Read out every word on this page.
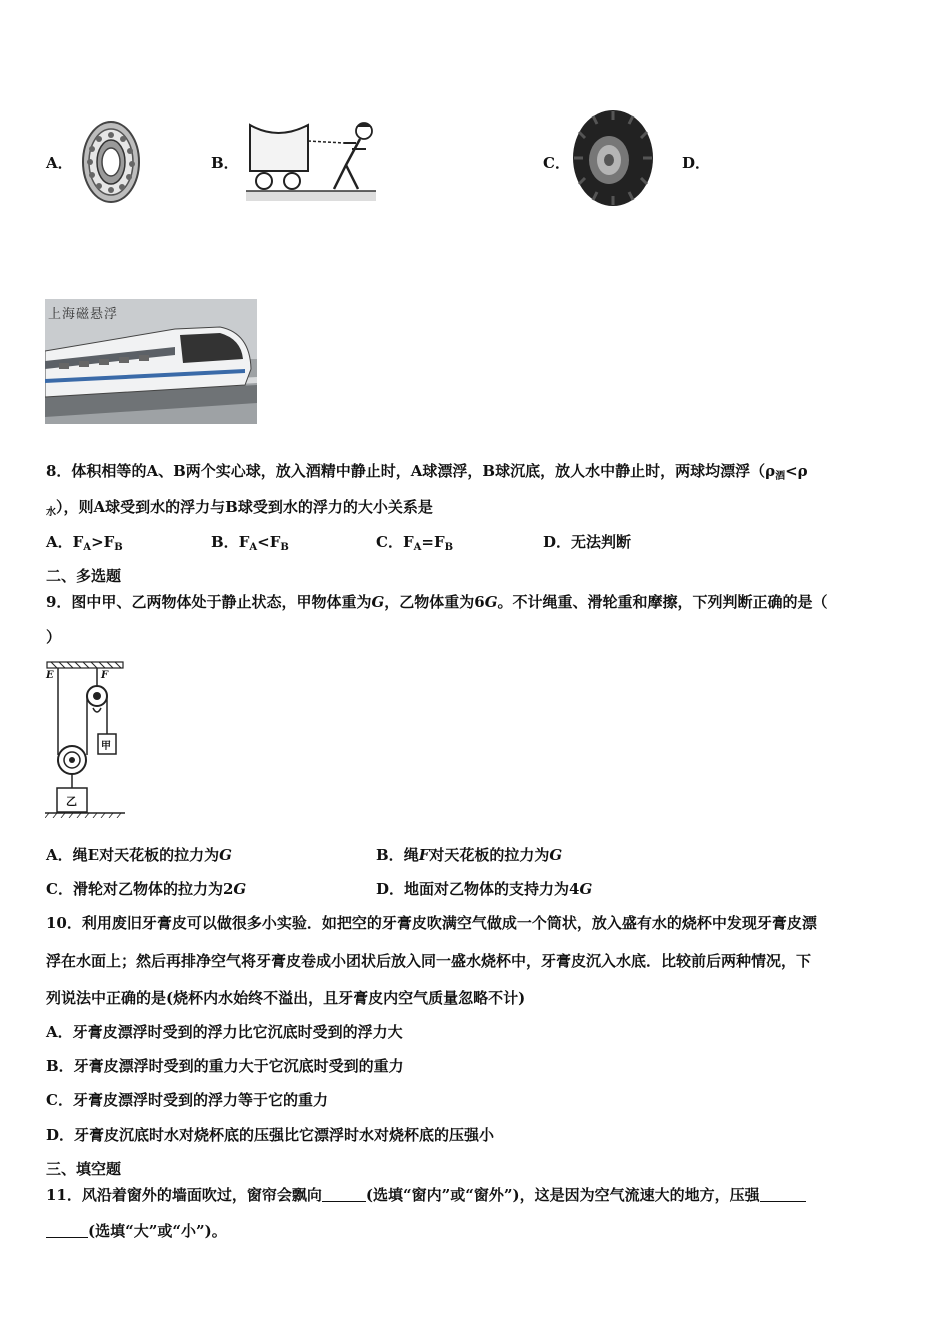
A．	B．	C．	D．
上海磁悬浮
8．体积相等的A、B两个实心球，放入酒精中静止时，A球漂浮，B球沉底，放人水中静止时，两球均漂浮（$\rho_酒<\rho$
$_水$），则A球受到水的浮力与B球受到水的浮力的大小关系是
A．$F_A>F_B$	B．$F_A<F_B$	C．$F_A=F_B$	D．无法判断
二、多选题
9．图中甲、乙两物体处于静止状态，甲物体重为G，乙物体重为6G。不计绳重、滑轮重和摩擦，下列判断正确的是（
）
E	F
甲
乙
A．绳E对天花板的拉力为G	B．绳F对天花板的拉力为G
C．滑轮对乙物体的拉力为2G	D．地面对乙物体的支持力为4G
10．利用废旧牙膏皮可以做很多小实验．如把空的牙膏皮吹满空气做成一个筒状，放入盛有水的烧杯中发现牙膏皮漂
浮在水面上；然后再排净空气将牙膏皮卷成小团状后放入同一盛水烧杯中，牙膏皮沉入水底．比较前后两种情况，下
列说法中正确的是(烧杯内水始终不溢出，且牙膏皮内空气质量忽略不计)
A．牙膏皮漂浮时受到的浮力比它沉底时受到的浮力大
B．牙膏皮漂浮时受到的重力大于它沉底时受到的重力
C．牙膏皮漂浮时受到的浮力等于它的重力
D．牙膏皮沉底时水对烧杯底的压强比它漂浮时水对烧杯底的压强小
三、填空题
11．风沿着窗外的墙面吹过，窗帘会飘向	(选填“窗内”或“窗外”)，这是因为空气流速大的地方，压强
(选填“大”或“小”)。
